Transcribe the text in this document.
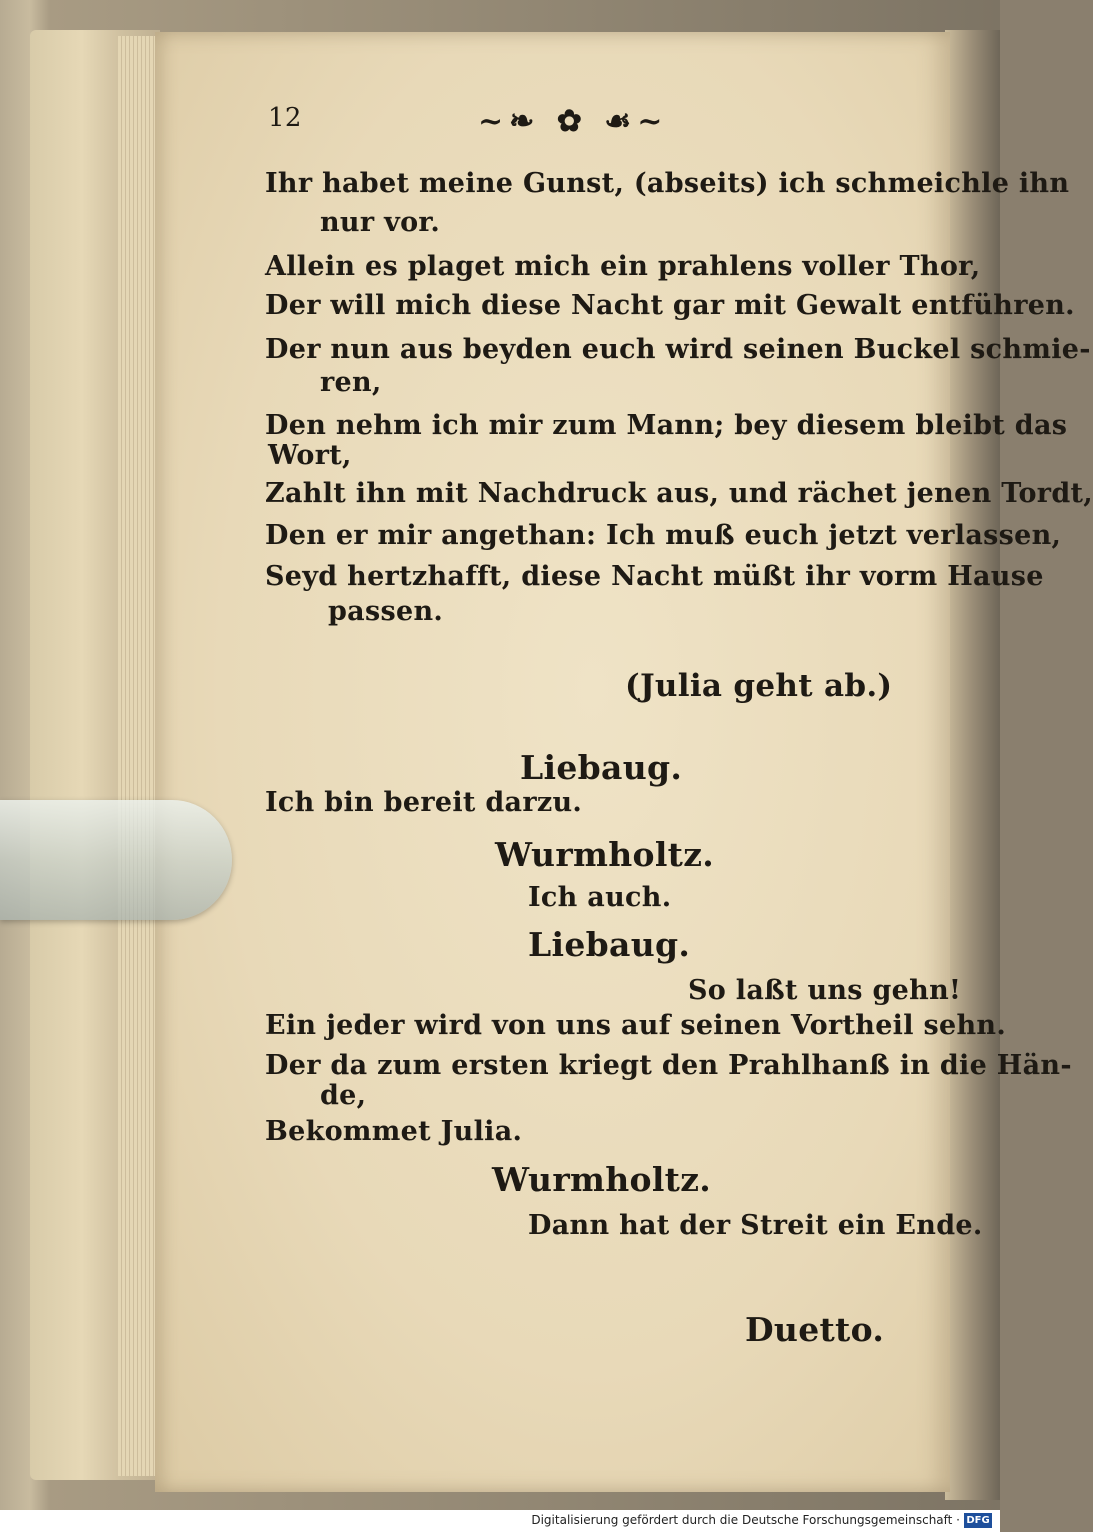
12	~❧ ✿ ☙~
Ihr habet meine Gunst, (abseits) ich schmeichle ihn
nur vor.
Allein es plaget mich ein prahlens voller Thor,
Der will mich diese Nacht gar mit Gewalt entführen.
Der nun aus beyden euch wird seinen Buckel schmie-
ren,
Den nehm ich mir zum Mann; bey diesem bleibt das
Wort,
Zahlt ihn mit Nachdruck aus, und rächet jenen Tordt,
Den er mir angethan: Ich muß euch jetzt verlassen,
Seyd hertzhafft, diese Nacht müßt ihr vorm Hause
passen.
(Julia geht ab.)
Liebaug.
Ich bin bereit darzu.
Wurmholtz.
Ich auch.
Liebaug.
So laßt uns gehn!
Ein jeder wird von uns auf seinen Vortheil sehn.
Der da zum ersten kriegt den Prahlhanß in die Hän-
de,
Bekommet Julia.
Wurmholtz.
Dann hat der Streit ein Ende.
Duetto.
Digitalisierung gefördert durch die Deutsche Forschungsgemeinschaft · DFG
